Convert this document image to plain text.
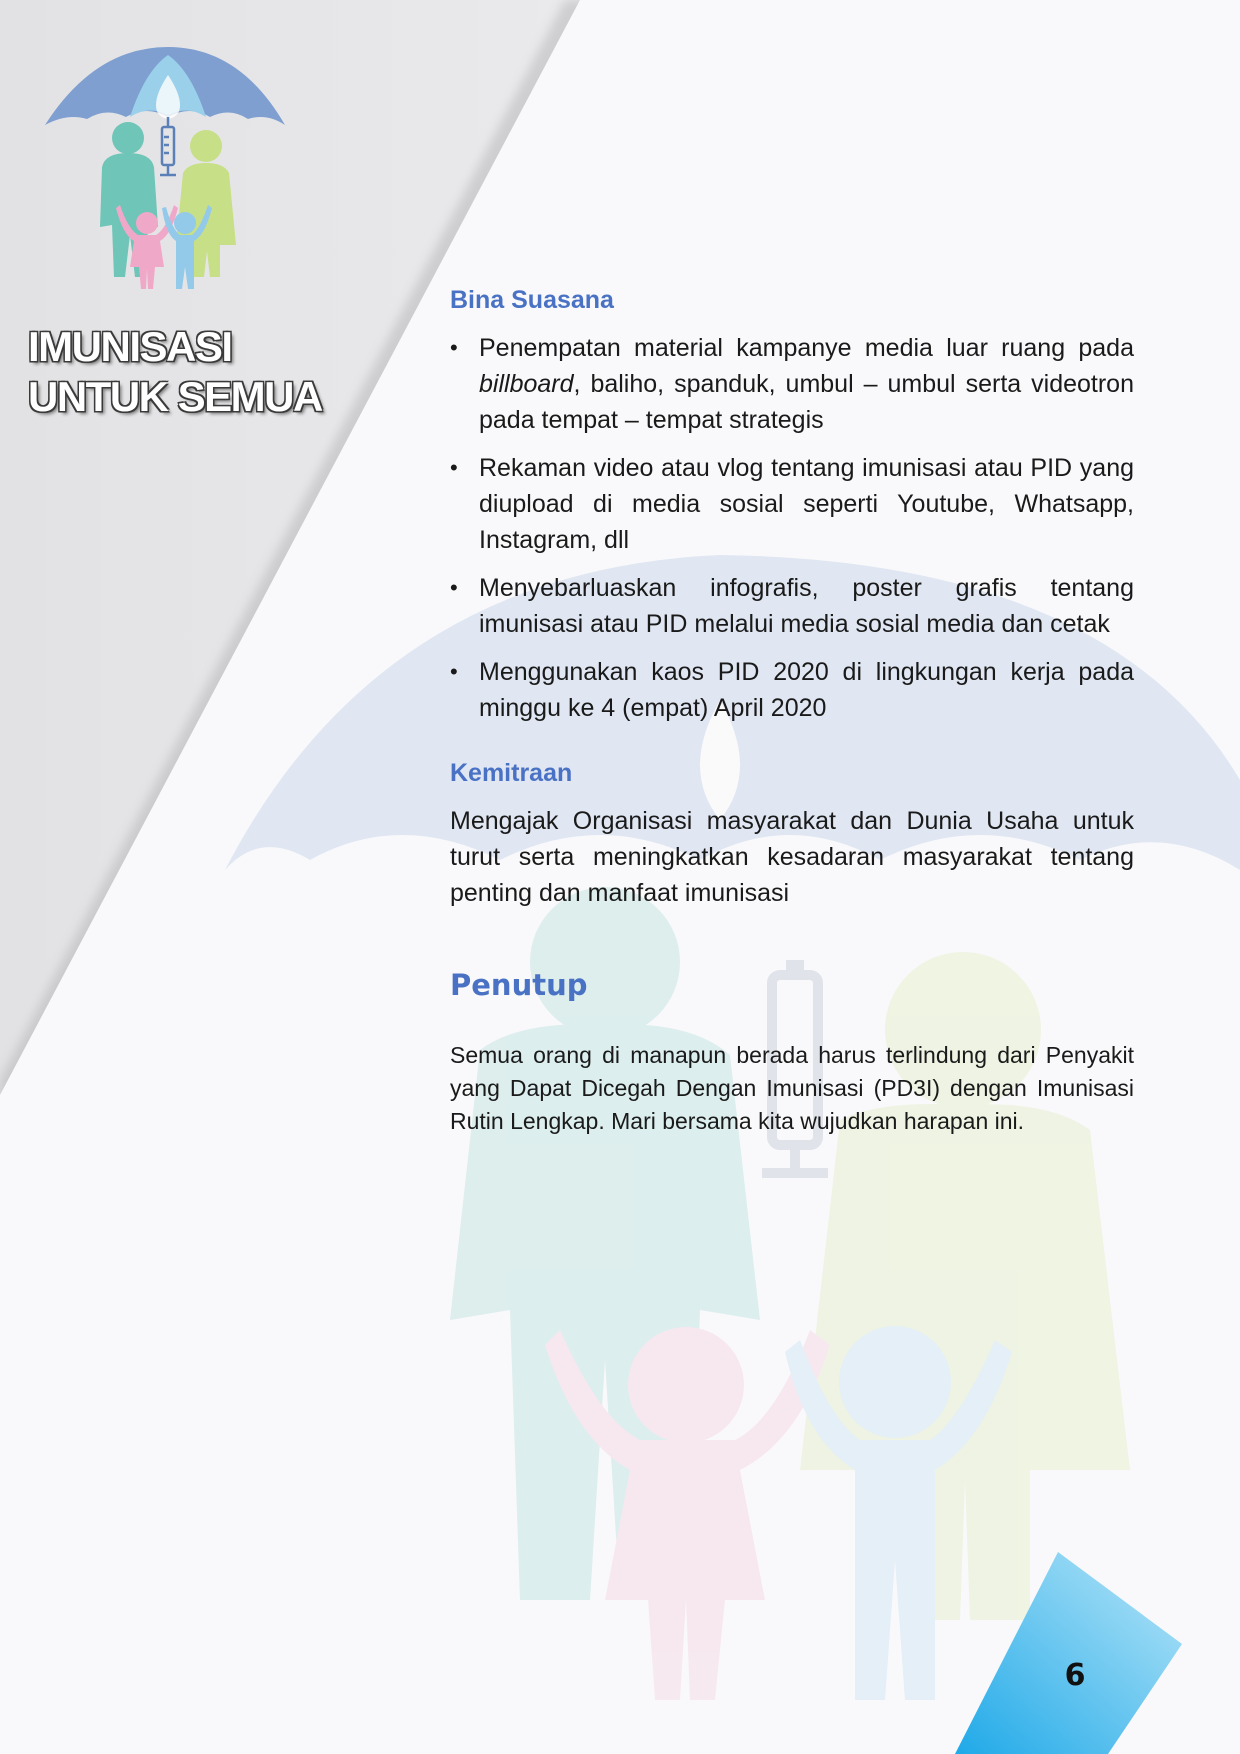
IMUNISASI
UNTUK SEMUA
Bina Suasana
• Penempatan material kampanye media luar ruang pada billboard, baliho, spanduk, umbul – umbul serta videotron pada tempat – tempat strategis
• Rekaman video atau vlog tentang imunisasi atau PID yang diupload di media sosial seperti Youtube, Whatsapp, Instagram, dll
• Menyebarluaskan infografis, poster grafis tentang imunisasi atau PID melalui media sosial media dan cetak
• Menggunakan kaos PID 2020 di lingkungan kerja pada minggu ke 4 (empat) April 2020
Kemitraan

Mengajak Organisasi masyarakat dan Dunia Usaha untuk turut serta meningkatkan kesadaran masyarakat tentang penting dan manfaat imunisasi

Penutup

Semua orang di manapun berada harus terlindung dari Penyakit yang Dapat Dicegah Dengan Imunisasi (PD3I) dengan Imunisasi Rutin Lengkap. Mari bersama kita wujudkan harapan ini.

6
